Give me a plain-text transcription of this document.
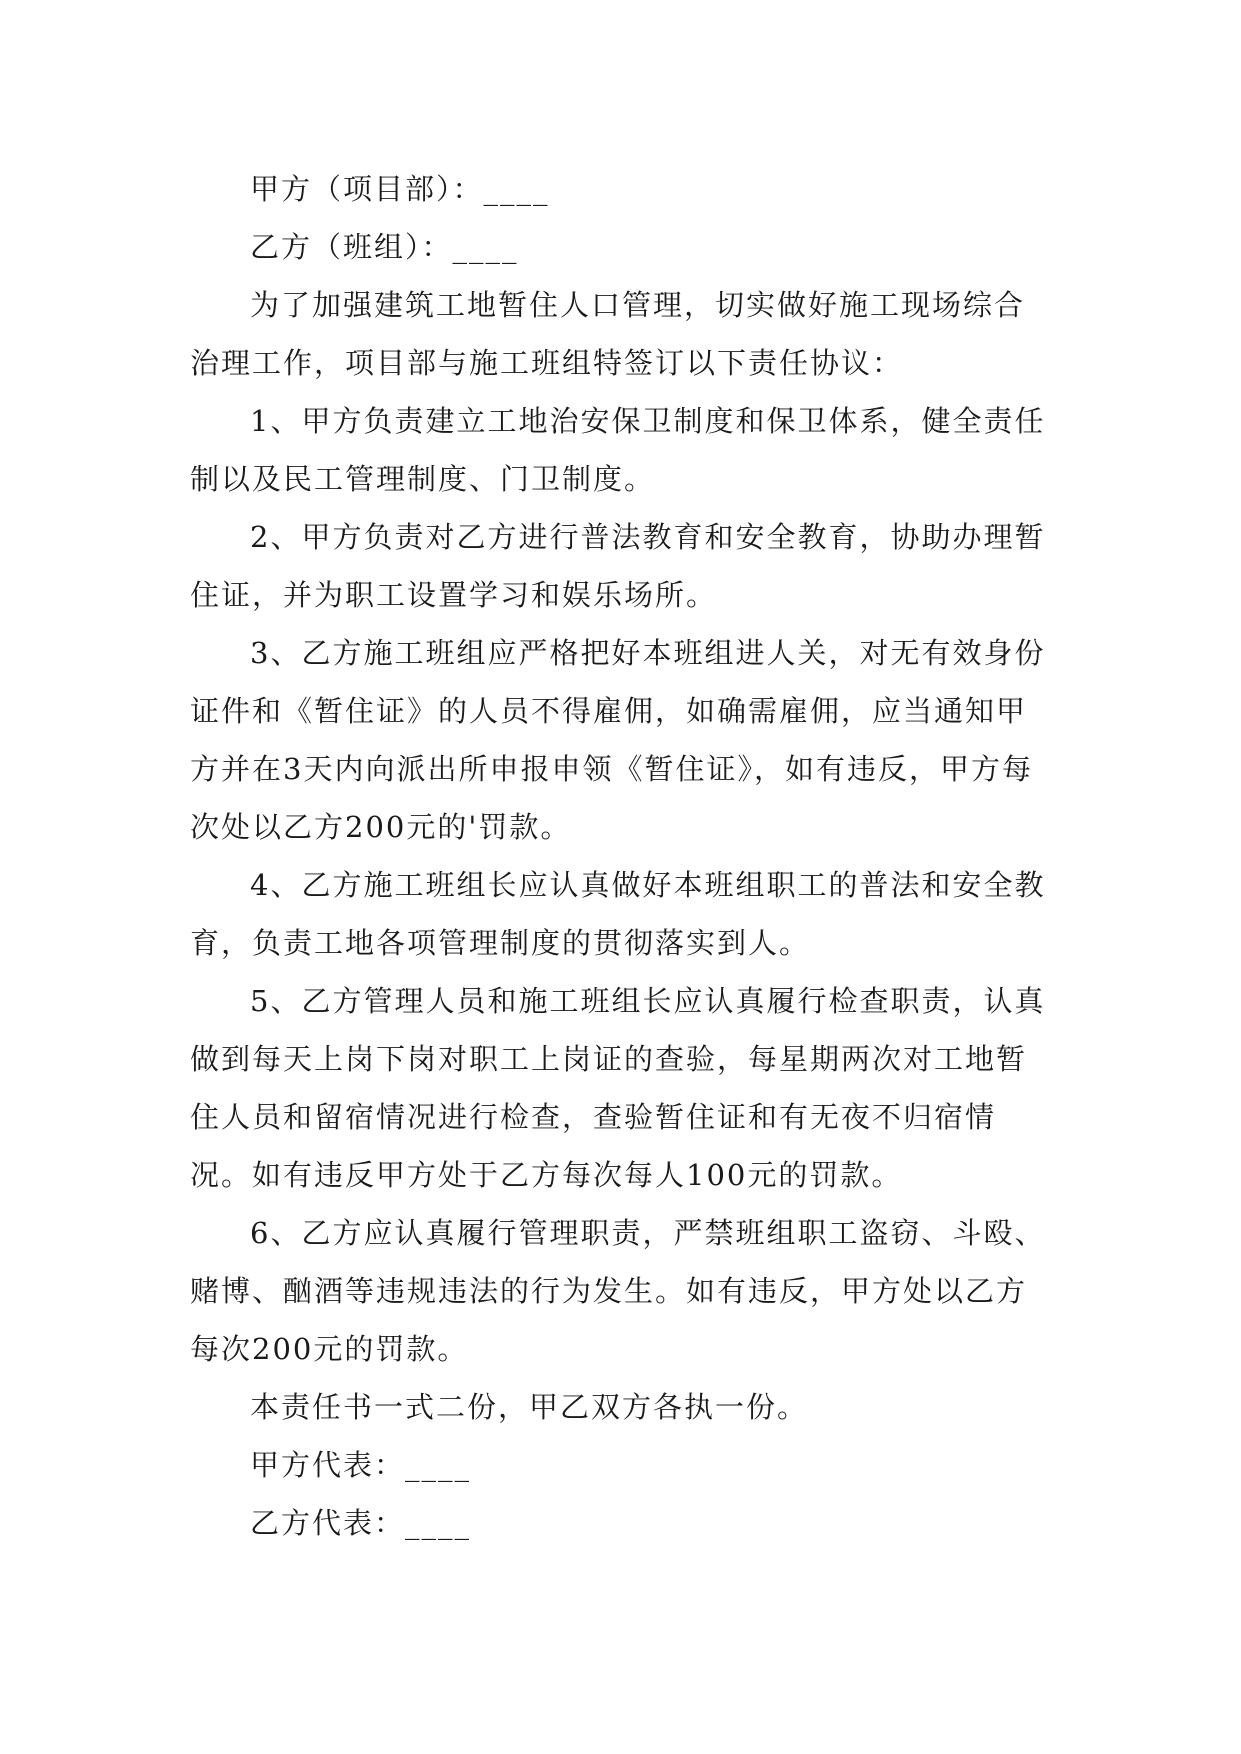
甲方（项目部）：____

乙方（班组）：____

为了加强建筑工地暂住人口管理，切实做好施工现场综合治理工作，项目部与施工班组特签订以下责任协议：

1、甲方负责建立工地治安保卫制度和保卫体系，健全责任制以及民工管理制度、门卫制度。

2、甲方负责对乙方进行普法教育和安全教育，协助办理暂住证，并为职工设置学习和娱乐场所。

3、乙方施工班组应严格把好本班组进人关，对无有效身份证件和《暂住证》的人员不得雇佣，如确需雇佣，应当通知甲方并在3天内向派出所申报申领《暂住证》，如有违反，甲方每次处以乙方200元的'罚款。

4、乙方施工班组长应认真做好本班组职工的普法和安全教育，负责工地各项管理制度的贯彻落实到人。

5、乙方管理人员和施工班组长应认真履行检查职责，认真做到每天上岗下岗对职工上岗证的查验，每星期两次对工地暂住人员和留宿情况进行检查，查验暂住证和有无夜不归宿情况。如有违反甲方处于乙方每次每人100元的罚款。

6、乙方应认真履行管理职责，严禁班组职工盗窃、斗殴、赌博、酗酒等违规违法的行为发生。如有违反，甲方处以乙方每次200元的罚款。

本责任书一式二份，甲乙双方各执一份。

甲方代表：____

乙方代表：____
